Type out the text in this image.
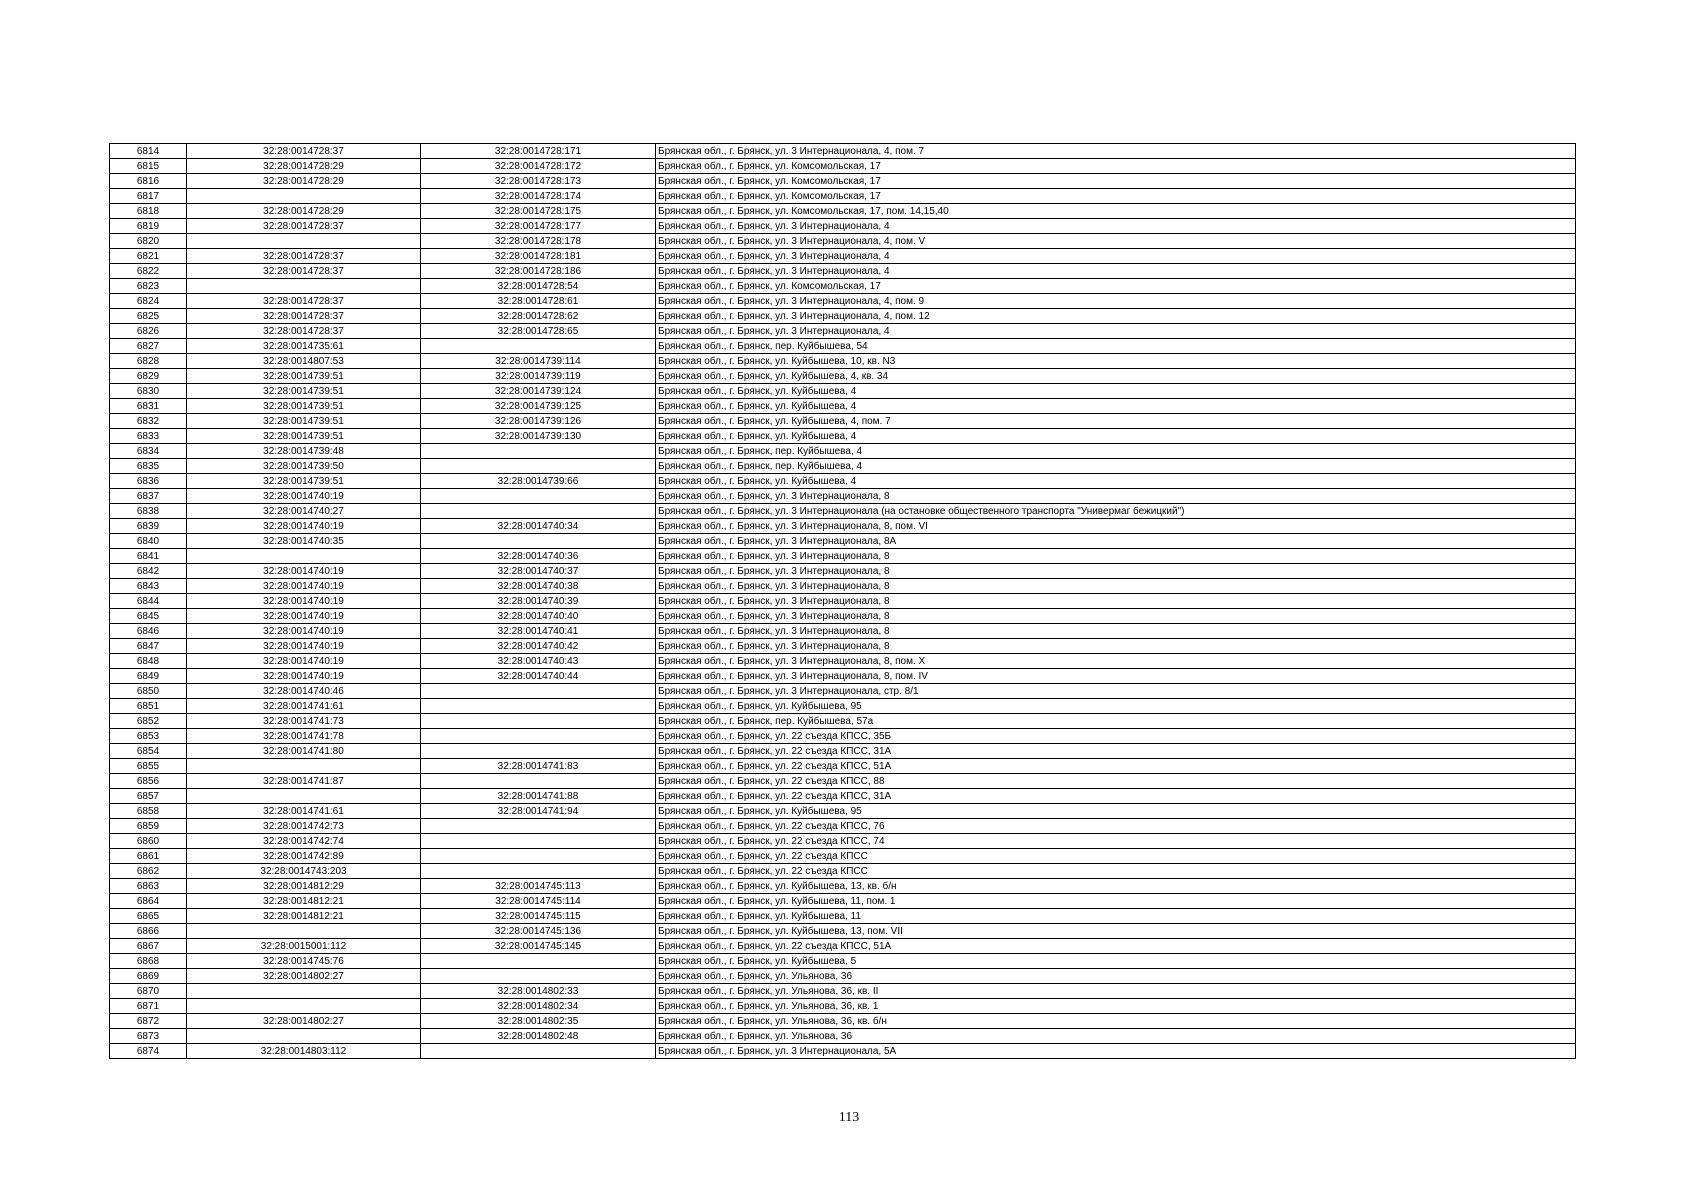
6814	32:28:0014728:37	32:28:0014728:171	Брянская обл., г. Брянск, ул. 3 Интернационала, 4, пом. 7
6815	32:28:0014728:29	32:28:0014728:172	Брянская обл., г. Брянск, ул. Комсомольская, 17
6816	32:28:0014728:29	32:28:0014728:173	Брянская обл., г. Брянск, ул. Комсомольская, 17
6817		32:28:0014728:174	Брянская обл., г. Брянск, ул. Комсомольская, 17
6818	32:28:0014728:29	32:28:0014728:175	Брянская обл., г. Брянск, ул. Комсомольская, 17, пом. 14,15,40
6819	32:28:0014728:37	32:28:0014728:177	Брянская обл., г. Брянск, ул. 3 Интернационала, 4
6820		32:28:0014728:178	Брянская обл., г. Брянск, ул. 3 Интернационала, 4, пом. V
6821	32:28:0014728:37	32:28:0014728:181	Брянская обл., г. Брянск, ул. 3 Интернационала, 4
6822	32:28:0014728:37	32:28:0014728:186	Брянская обл., г. Брянск, ул. 3 Интернационала, 4
6823		32:28:0014728:54	Брянская обл., г. Брянск, ул. Комсомольская, 17
6824	32:28:0014728:37	32:28:0014728:61	Брянская обл., г. Брянск, ул. 3 Интернационала, 4, пом. 9
6825	32:28:0014728:37	32:28:0014728:62	Брянская обл., г. Брянск, ул. 3 Интернационала, 4, пом. 12
6826	32:28:0014728:37	32:28:0014728:65	Брянская обл., г. Брянск, ул. 3 Интернационала, 4
6827	32:28:0014735:61		Брянская обл., г. Брянск, пер. Куйбышева, 54
6828	32:28:0014807:53	32:28:0014739:114	Брянская обл., г. Брянск, ул. Куйбышева, 10, кв. N3
6829	32:28:0014739:51	32:28:0014739:119	Брянская обл., г. Брянск, ул. Куйбышева, 4, кв. 34
6830	32:28:0014739:51	32:28:0014739:124	Брянская обл., г. Брянск, ул. Куйбышева, 4
6831	32:28:0014739:51	32:28:0014739:125	Брянская обл., г. Брянск, ул. Куйбышева, 4
6832	32:28:0014739:51	32:28:0014739:126	Брянская обл., г. Брянск, ул. Куйбышева, 4, пом. 7
6833	32:28:0014739:51	32:28:0014739:130	Брянская обл., г. Брянск, ул. Куйбышева, 4
6834	32:28:0014739:48		Брянская обл., г. Брянск, пер. Куйбышева, 4
6835	32:28:0014739:50		Брянская обл., г. Брянск, пер. Куйбышева, 4
6836	32:28:0014739:51	32:28:0014739:66	Брянская обл., г. Брянск, ул. Куйбышева, 4
6837	32:28:0014740:19		Брянская обл., г. Брянск, ул. 3 Интернационала, 8
6838	32:28:0014740:27		Брянская обл., г. Брянск, ул. 3 Интернационала (на остановке общественного транспорта "Универмаг бежицкий")
6839	32:28:0014740:19	32:28:0014740:34	Брянская обл., г. Брянск, ул. 3 Интернационала, 8, пом. VI
6840	32:28:0014740:35		Брянская обл., г. Брянск, ул. 3 Интернационала, 8А
6841		32:28:0014740:36	Брянская обл., г. Брянск, ул. 3 Интернационала, 8
6842	32:28:0014740:19	32:28:0014740:37	Брянская обл., г. Брянск, ул. 3 Интернационала, 8
6843	32:28:0014740:19	32:28:0014740:38	Брянская обл., г. Брянск, ул. 3 Интернационала, 8
6844	32:28:0014740:19	32:28:0014740:39	Брянская обл., г. Брянск, ул. 3 Интернационала, 8
6845	32:28:0014740:19	32:28:0014740:40	Брянская обл., г. Брянск, ул. 3 Интернационала, 8
6846	32:28:0014740:19	32:28:0014740:41	Брянская обл., г. Брянск, ул. 3 Интернационала, 8
6847	32:28:0014740:19	32:28:0014740:42	Брянская обл., г. Брянск, ул. 3 Интернационала, 8
6848	32:28:0014740:19	32:28:0014740:43	Брянская обл., г. Брянск, ул. 3 Интернационала, 8, пом. X
6849	32:28:0014740:19	32:28:0014740:44	Брянская обл., г. Брянск, ул. 3 Интернационала, 8, пом. IV
6850	32:28:0014740:46		Брянская обл., г. Брянск, ул. 3 Интернационала, стр. 8/1
6851	32:28:0014741:61		Брянская обл., г. Брянск, ул. Куйбышева, 95
6852	32:28:0014741:73		Брянская обл., г. Брянск, пер. Куйбышева, 57а
6853	32:28:0014741:78		Брянская обл., г. Брянск, ул. 22 съезда КПСС, 35Б
6854	32:28:0014741:80		Брянская обл., г. Брянск, ул. 22 съезда КПСС, 31А
6855		32:28:0014741:83	Брянская обл., г. Брянск, ул. 22 съезда КПСС, 51А
6856	32:28:0014741:87		Брянская обл., г. Брянск, ул. 22 съезда КПСС, 88
6857		32:28:0014741:88	Брянская обл., г. Брянск, ул. 22 съезда КПСС, 31А
6858	32:28:0014741:61	32:28:0014741:94	Брянская обл., г. Брянск, ул. Куйбышева, 95
6859	32:28:0014742:73		Брянская обл., г. Брянск, ул. 22 съезда КПСС, 76
6860	32:28:0014742:74		Брянская обл., г. Брянск, ул. 22 съезда КПСС, 74
6861	32:28:0014742:89		Брянская обл., г. Брянск, ул. 22 съезда КПСС
6862	32:28:0014743:203		Брянская обл., г. Брянск, ул. 22 съезда КПСС
6863	32:28:0014812:29	32:28:0014745:113	Брянская обл., г. Брянск, ул. Куйбышева, 13, кв. б/н
6864	32:28:0014812:21	32:28:0014745:114	Брянская обл., г. Брянск, ул. Куйбышева, 11, пом. 1
6865	32:28:0014812:21	32:28:0014745:115	Брянская обл., г. Брянск, ул. Куйбышева, 11
6866		32:28:0014745:136	Брянская обл., г. Брянск, ул. Куйбышева, 13, пом. VII
6867	32:28:0015001:112	32:28:0014745:145	Брянская обл., г. Брянск, ул. 22 съезда КПСС, 51А
6868	32:28:0014745:76		Брянская обл., г. Брянск, ул. Куйбышева, 5
6869	32:28:0014802:27		Брянская обл., г. Брянск, ул. Ульянова, 36
6870		32:28:0014802:33	Брянская обл., г. Брянск, ул. Ульянова, 36, кв. II
6871		32:28:0014802:34	Брянская обл., г. Брянск, ул. Ульянова, 36, кв. 1
6872	32:28:0014802:27	32:28:0014802:35	Брянская обл., г. Брянск, ул. Ульянова, 36, кв. б/н
6873		32:28:0014802:48	Брянская обл., г. Брянск, ул. Ульянова, 36
6874	32:28:0014803:112		Брянская обл., г. Брянск, ул. 3 Интернационала, 5А
113
